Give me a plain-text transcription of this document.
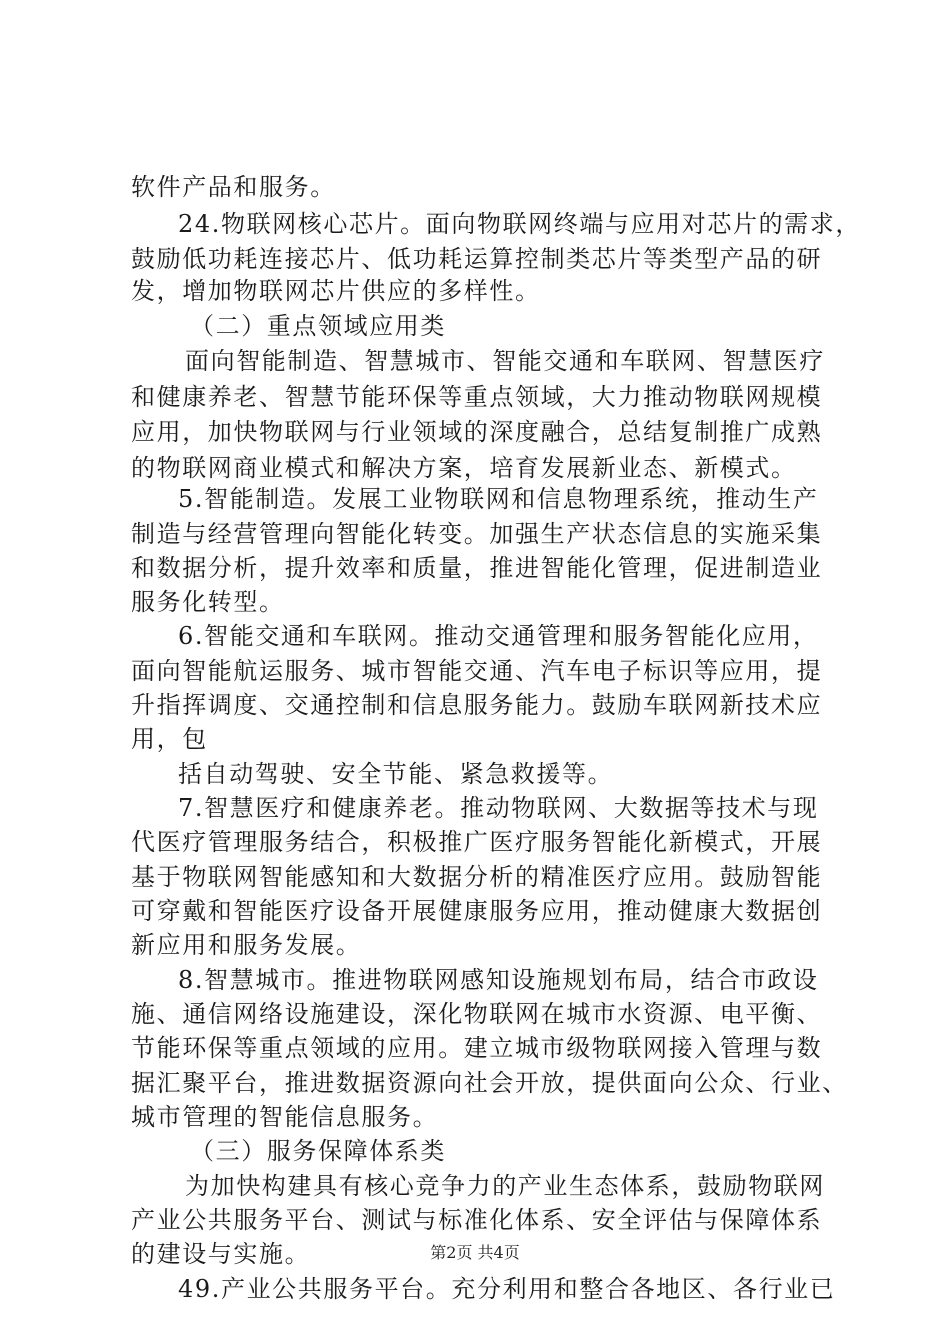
软件产品和服务。
24.物联网核心芯片。面向物联网终端与应用对芯片的需求，
鼓励低功耗连接芯片、低功耗运算控制类芯片等类型产品的研
发，增加物联网芯片供应的多样性。
（二）重点领域应用类
面向智能制造、智慧城市、智能交通和车联网、智慧医疗
和健康养老、智慧节能环保等重点领域，大力推动物联网规模
应用，加快物联网与行业领域的深度融合，总结复制推广成熟
的物联网商业模式和解决方案，培育发展新业态、新模式。
5.智能制造。发展工业物联网和信息物理系统，推动生产
制造与经营管理向智能化转变。加强生产状态信息的实施采集
和数据分析，提升效率和质量，推进智能化管理，促进制造业
服务化转型。
6.智能交通和车联网。推动交通管理和服务智能化应用，
面向智能航运服务、城市智能交通、汽车电子标识等应用，提
升指挥调度、交通控制和信息服务能力。鼓励车联网新技术应
用，包
括自动驾驶、安全节能、紧急救援等。
7.智慧医疗和健康养老。推动物联网、大数据等技术与现
代医疗管理服务结合，积极推广医疗服务智能化新模式，开展
基于物联网智能感知和大数据分析的精准医疗应用。鼓励智能
可穿戴和智能医疗设备开展健康服务应用，推动健康大数据创
新应用和服务发展。
8.智慧城市。推进物联网感知设施规划布局，结合市政设
施、通信网络设施建设，深化物联网在城市水资源、电平衡、
节能环保等重点领域的应用。建立城市级物联网接入管理与数
据汇聚平台，推进数据资源向社会开放，提供面向公众、行业、
城市管理的智能信息服务。
（三）服务保障体系类
为加快构建具有核心竞争力的产业生态体系，鼓励物联网
产业公共服务平台、测试与标准化体系、安全评估与保障体系
的建设与实施。
49.产业公共服务平台。充分利用和整合各地区、各行业已
第2页 共4页
